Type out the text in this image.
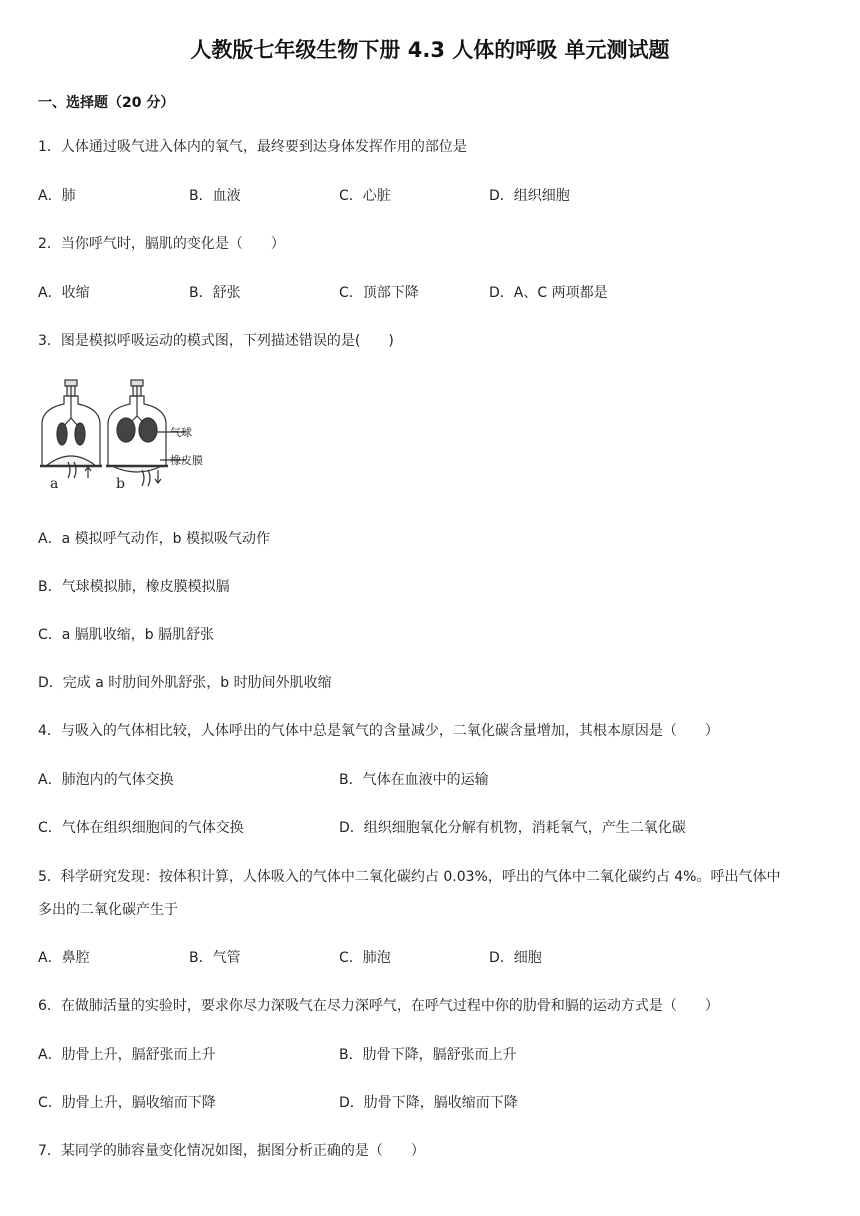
人教版七年级生物下册 4.3 人体的呼吸 单元测试题
一、选择题（20 分）
1．人体通过吸气进入体内的氧气，最终要到达身体发挥作用的部位是
A．肺	B．血液	C．心脏	D．组织细胞
2．当你呼气时，膈肌的变化是（　　）
A．收缩	B．舒张	C．顶部下降	D．A、C 两项都是
3．图是模拟呼吸运动的模式图，下列描述错误的是(　　)
a	b
气球
橡皮膜
A．a 模拟呼气动作，b 模拟吸气动作
B．气球模拟肺，橡皮膜模拟膈
C．a 膈肌收缩，b 膈肌舒张
D．完成 a 时肋间外肌舒张，b 时肋间外肌收缩
4．与吸入的气体相比较，人体呼出的气体中总是氧气的含量减少，二氧化碳含量增加，其根本原因是（　　）
A．肺泡内的气体交换	B．气体在血液中的运输
C．气体在组织细胞间的气体交换	D．组织细胞氧化分解有机物，消耗氧气，产生二氧化碳
5．科学研究发现：按体积计算，人体吸入的气体中二氧化碳约占 0.03%，呼出的气体中二氧化碳约占 4%。呼出气体中
多出的二氧化碳产生于
A．鼻腔	B．气管	C．肺泡	D．细胞
6．在做肺活量的实验时，要求你尽力深吸气在尽力深呼气，在呼气过程中你的肋骨和膈的运动方式是（　　）
A．肋骨上升，膈舒张而上升	B．肋骨下降，膈舒张而上升
C．肋骨上升，膈收缩而下降	D．肋骨下降，膈收缩而下降
7．某同学的肺容量变化情况如图，据图分析正确的是（　　）
